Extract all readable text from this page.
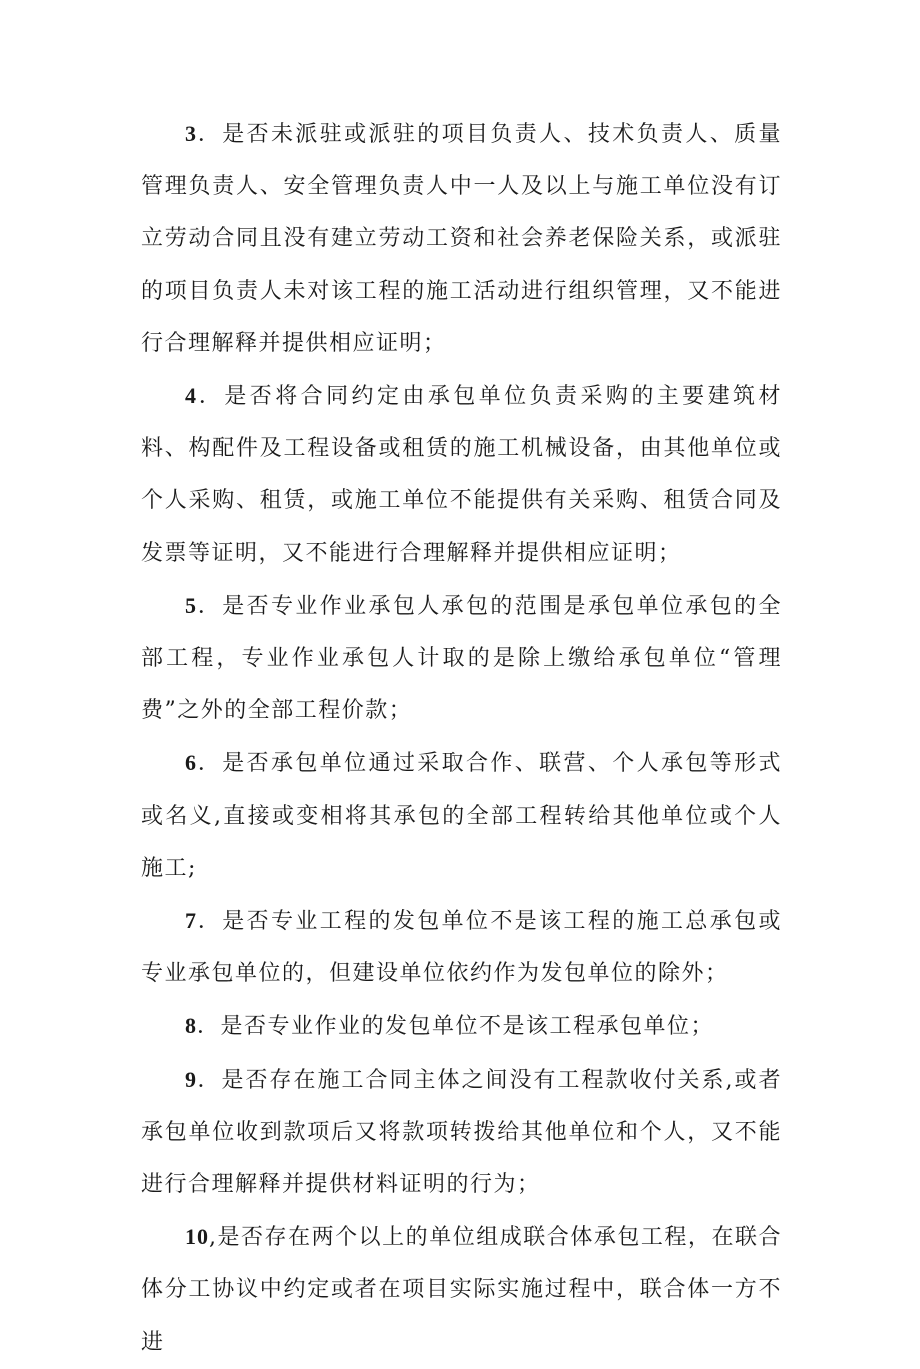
3．是否未派驻或派驻的项目负责人、技术负责人、质量管理负责人、安全管理负责人中一人及以上与施工单位没有订立劳动合同且没有建立劳动工资和社会养老保险关系，或派驻的项目负责人未对该工程的施工活动进行组织管理，又不能进行合理解释并提供相应证明；

4．是否将合同约定由承包单位负责采购的主要建筑材料、构配件及工程设备或租赁的施工机械设备，由其他单位或个人采购、租赁，或施工单位不能提供有关采购、租赁合同及发票等证明，又不能进行合理解释并提供相应证明；

5．是否专业作业承包人承包的范围是承包单位承包的全部工程，专业作业承包人计取的是除上缴给承包单位“管理费”之外的全部工程价款；

6．是否承包单位通过采取合作、联营、个人承包等形式或名义,直接或变相将其承包的全部工程转给其他单位或个人施工;

7．是否专业工程的发包单位不是该工程的施工总承包或专业承包单位的，但建设单位依约作为发包单位的除外；

8．是否专业作业的发包单位不是该工程承包单位；

9．是否存在施工合同主体之间没有工程款收付关系,或者承包单位收到款项后又将款项转拨给其他单位和个人，又不能进行合理解释并提供材料证明的行为；

10,是否存在两个以上的单位组成联合体承包工程，在联合体分工协议中约定或者在项目实际实施过程中，联合体一方不进
